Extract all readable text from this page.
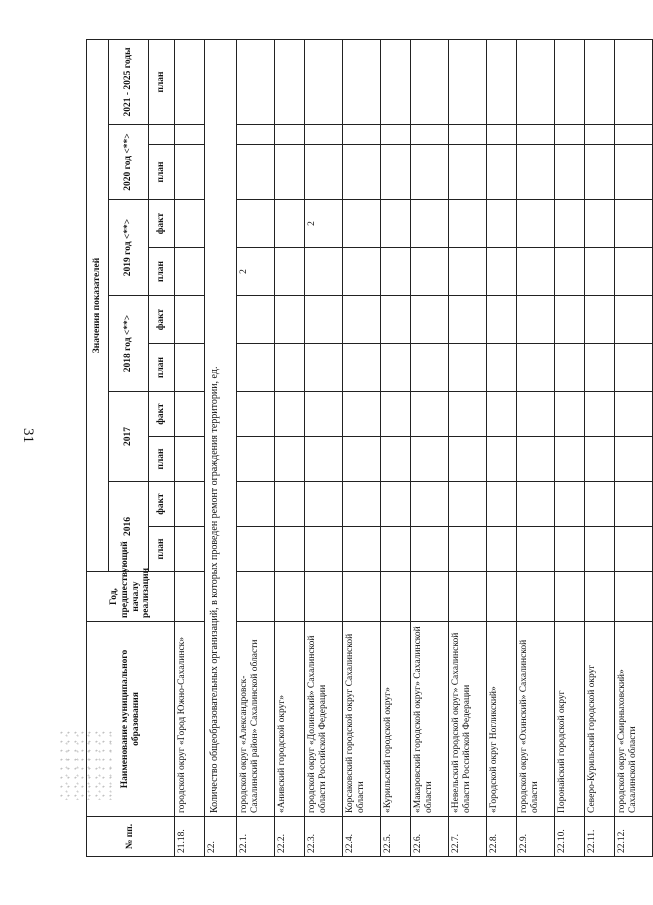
31
№ пп.	Наименование муниципального образования	Год, предшествующий началу реализации	Значения показателей										
			2016		2017		2018 год <**>		2019 год <**>		2020 год <**>		2021 - 2025 годы
			план	факт	план	факт	план	факт	план	факт	план		план
21.18.	городской округ «Город Южно-Сахалинск»												
22.	Количество общеобразовательных организаций, в которых проведен ремонт ограждения территории, ед.												
22.1.	городской округ «Александровск-Сахалинский район» Сахалинской области								2				
22.2.	«Анивский городской округ»												
22.3.	городской округ «Долинский» Сахалинской области Российской Федерации									2			
22.4.	Корсаковский городской округ Сахалинской области												
22.5.	«Курильский городской округ»												
22.6.	«Макаровский городской округ» Сахалинской области												
22.7.	«Невельский городской округ» Сахалинской области Российской Федерации												
22.8.	«Городской округ Ногликский»												
22.9.	городской округ «Охинский» Сахалинской области												
22.10.	Поронайский городской округ												
22.11.	Северо-Курильский городской округ												
22.12.	городской округ «Смирныховский» Сахалинской области												
